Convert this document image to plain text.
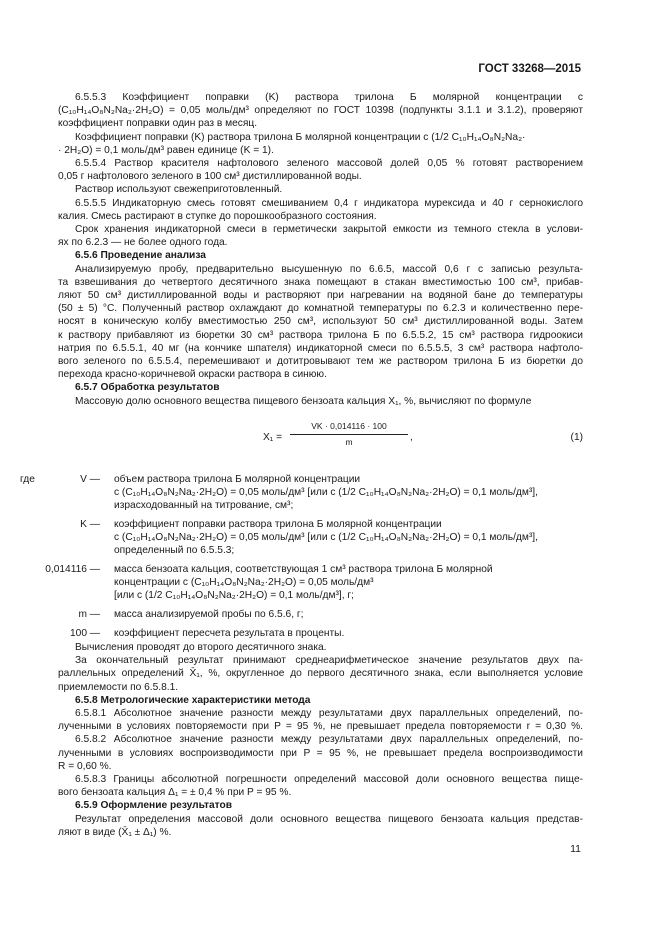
ГОСТ 33268—2015
6.5.5.3 Коэффициент поправки (K) раствора трилона Б молярной концентрации c
(C₁₀H₁₄O₈N₂Na₂·2H₂O) = 0,05 моль/дм³ определяют по ГОСТ 10398 (подпункты 3.1.1 и 3.1.2), проверяют
коэффициент поправки один раз в месяц.
Коэффициент поправки (K) раствора трилона Б молярной концентрации c (1/2 C₁₀H₁₄O₈N₂Na₂·
· 2H₂O) = 0,1 моль/дм³ равен единице (K = 1).
6.5.5.4 Раствор красителя нафтолового зеленого массовой долей 0,05 % готовят растворением
0,05 г нафтолового зеленого в 100 см³ дистиллированной воды.
Раствор используют свежеприготовленный.
6.5.5.5 Индикаторную смесь готовят смешиванием 0,4 г индикатора мурексида и 40 г сернокислого
калия. Смесь растирают в ступке до порошкообразного состояния.
Срок хранения индикаторной смеси в герметически закрытой емкости из темного стекла в услови-
ях по 6.2.3 — не более одного года.
6.5.6 Проведение анализа
Анализируемую пробу, предварительно высушенную по 6.6.5, массой 0,6 г с записью результа-
та взвешивания до четвертого десятичного знака помещают в стакан вместимостью 100 см³, прибав-
ляют 50 см³ дистиллированной воды и растворяют при нагревании на водяной бане до температуры
(50 ± 5) °С. Полученный раствор охлаждают до комнатной температуры по 6.2.3 и количественно пере-
носят в коническую колбу вместимостью 250 см³, используют 50 см³ дистиллированной воды. Затем
к раствору прибавляют из бюретки 30 см³ раствора трилона Б по 6.5.5.2, 15 см³ раствора гидроокиси
натрия по 6.5.5.1, 40 мг (на кончике шпателя) индикаторной смеси по 6.5.5.5, 3 см³ раствора нафтоло-
вого зеленого по 6.5.5.4, перемешивают и дотитровывают тем же раствором трилона Б из бюретки до
перехода красно-коричневой окраски раствора в синюю.
6.5.7 Обработка результатов
Массовую долю основного вещества пищевого бензоата кальция X₁, %, вычисляют по формуле
X₁ =
VK · 0,014116 · 100
m	,	(1)
где	V — объем раствора трилона Б молярной концентрации
c (C₁₀H₁₄O₈N₂Na₂·2H₂O) = 0,05 моль/дм³ [или c (1/2 C₁₀H₁₄O₈N₂Na₂·2H₂O) = 0,1 моль/дм³],
израсходованный на титрование, см³;
K — коэффициент поправки раствора трилона Б молярной концентрации
c (C₁₀H₁₄O₈N₂Na₂·2H₂O) = 0,05 моль/дм³ [или c (1/2 C₁₀H₁₄O₈N₂Na₂·2H₂O) = 0,1 моль/дм³],
определенный по 6.5.5.3;
0,014116 — масса бензоата кальция, соответствующая 1 см³ раствора трилона Б молярной
концентрации c (C₁₀H₁₄O₈N₂Na₂·2H₂O) = 0,05 моль/дм³
[или c (1/2 C₁₀H₁₄O₈N₂Na₂·2H₂O) = 0,1 моль/дм³], г;
m — масса анализируемой пробы по 6.5.6, г;
100 — коэффициент пересчета результата в проценты.
Вычисления проводят до второго десятичного знака.
За окончательный результат принимают среднеарифметическое значение результатов двух па-
раллельных определений X̄₁, %, округленное до первого десятичного знака, если выполняется условие
приемлемости по 6.5.8.1.
6.5.8 Метрологические характеристики метода
6.5.8.1 Абсолютное значение разности между результатами двух параллельных определений, по-
лученными в условиях повторяемости при P = 95 %, не превышает предела повторяемости r = 0,30 %.
6.5.8.2 Абсолютное значение разности между результатами двух параллельных определений, по-
лученными в условиях воспроизводимости при P = 95 %, не превышает предела воспроизводимости
R = 0,60 %.
6.5.8.3 Границы абсолютной погрешности определений массовой доли основного вещества пище-
вого бензоата кальция Δ₁ = ± 0,4 % при P = 95 %.
6.5.9 Оформление результатов
Результат определения массовой доли основного вещества пищевого бензоата кальция представ-
ляют в виде (X̄₁ ± Δ₁) %.
11
